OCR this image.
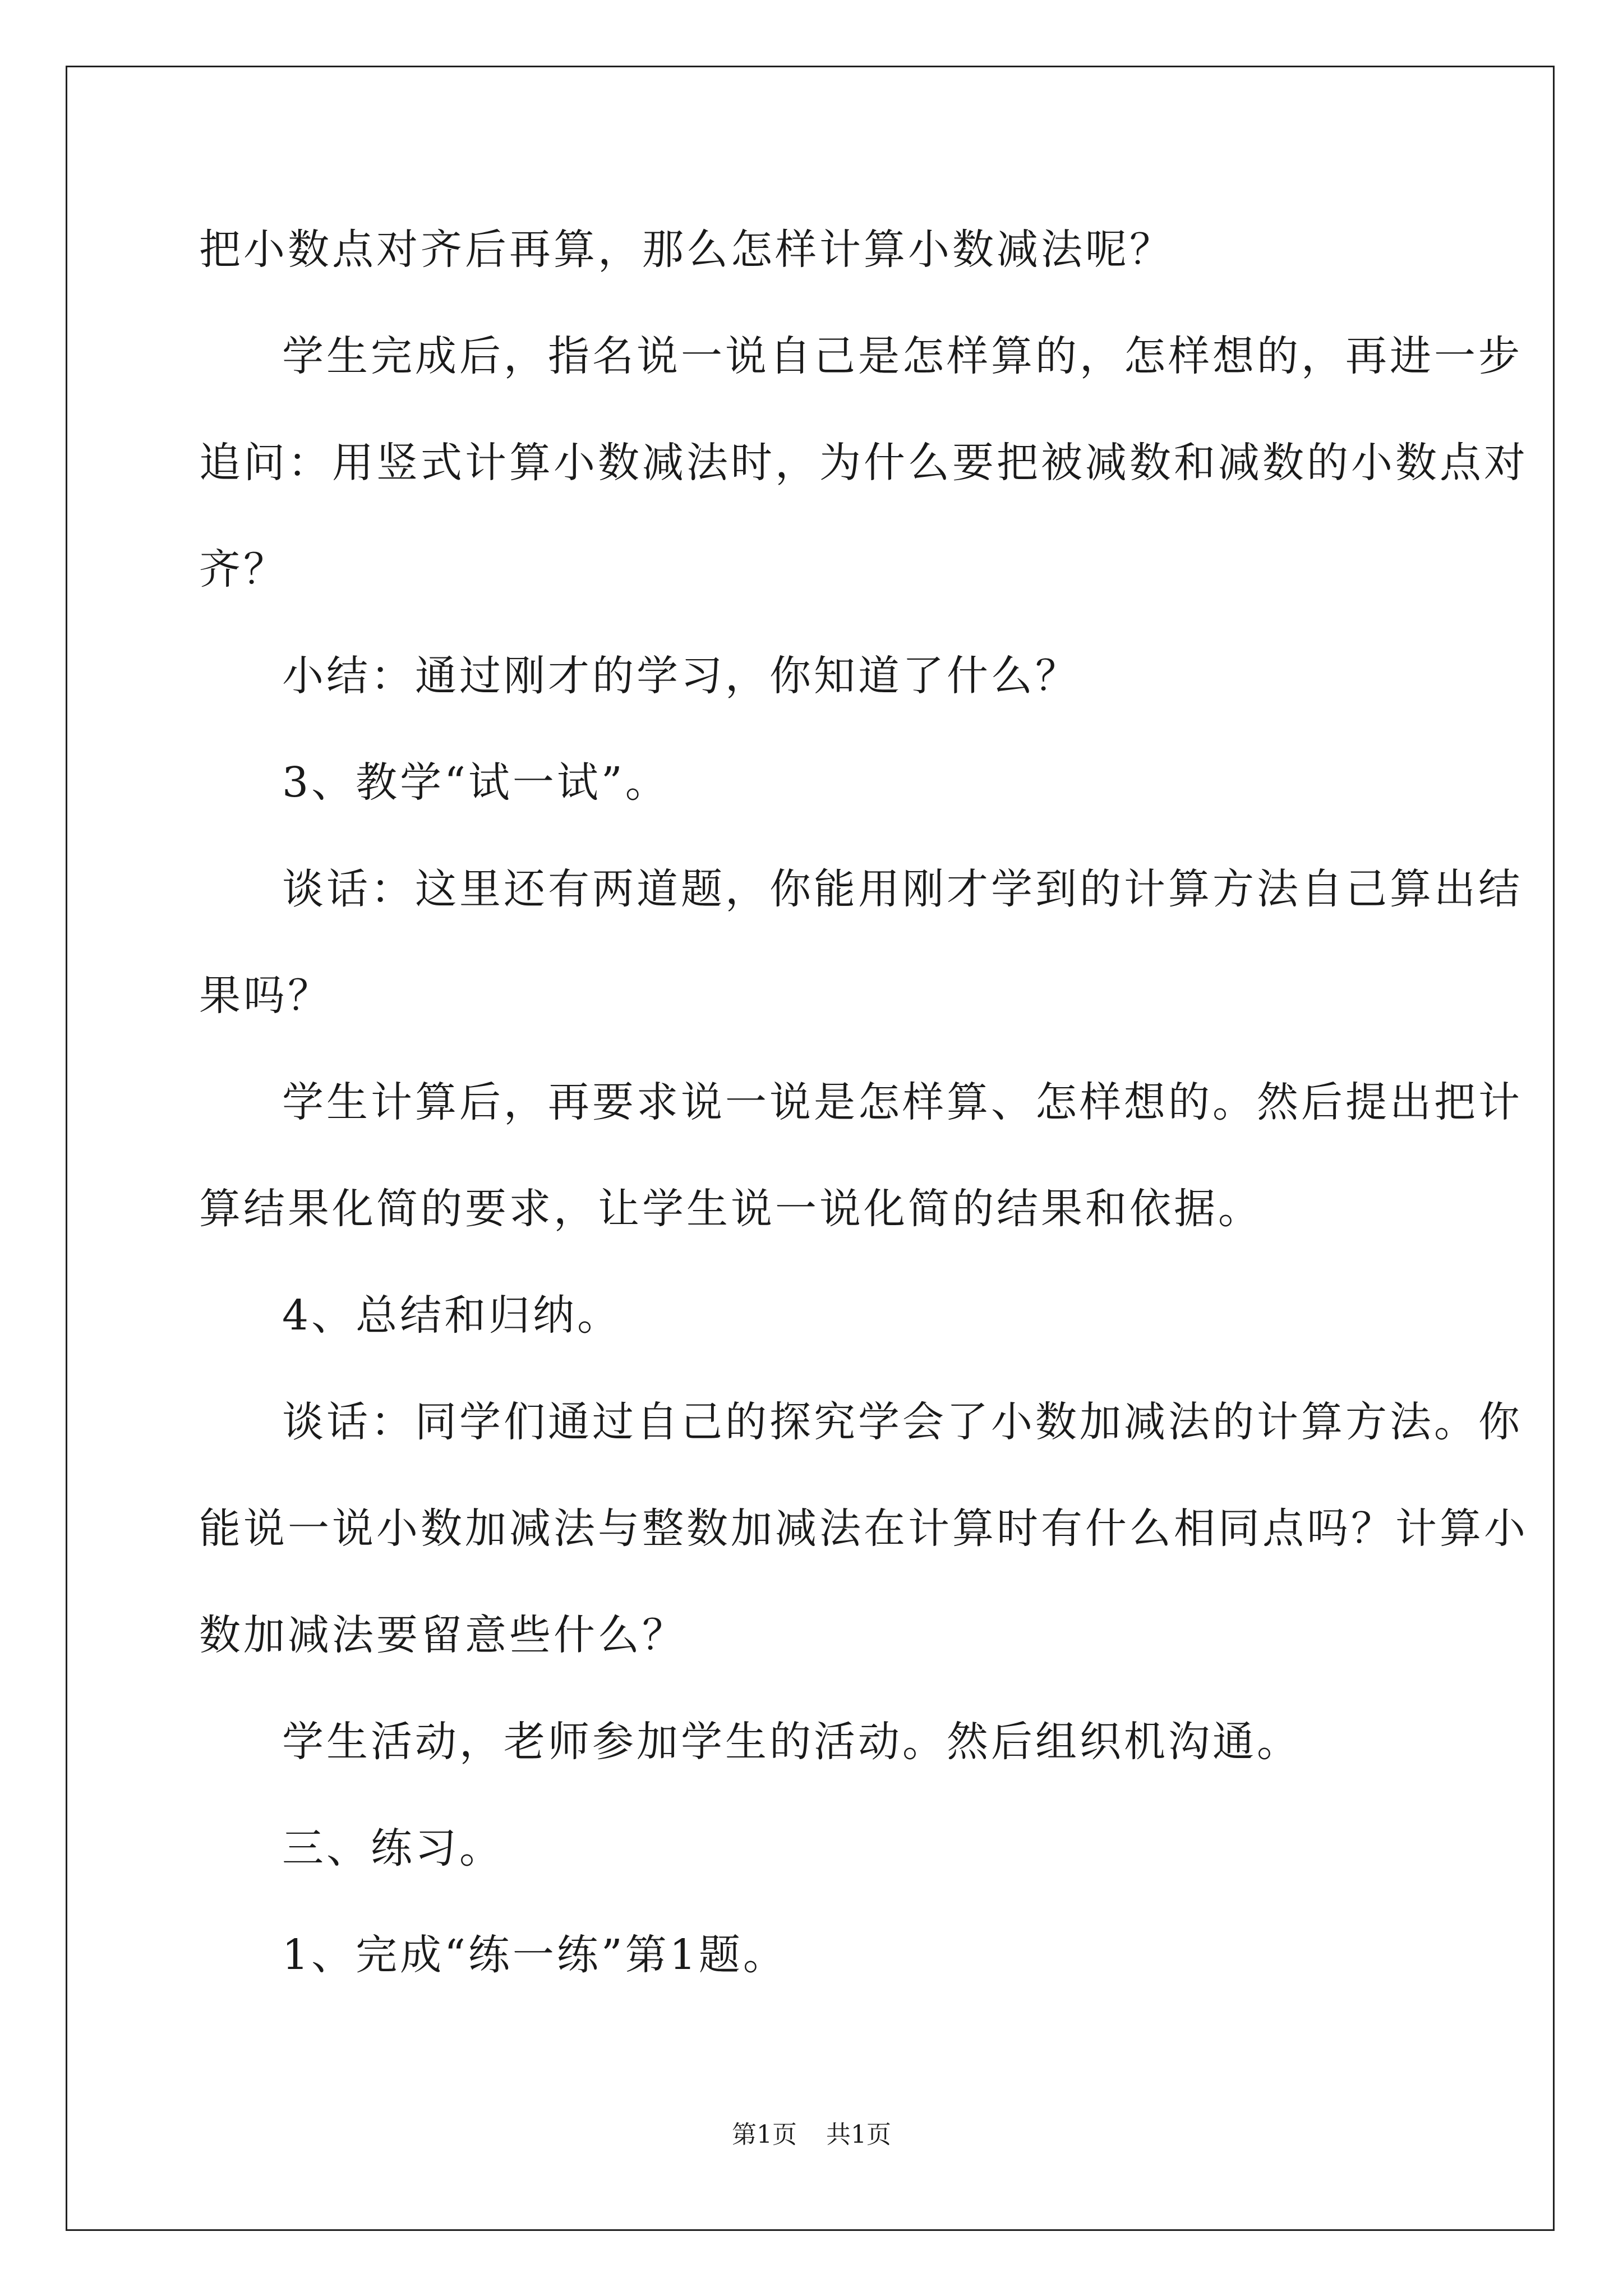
把小数点对齐后再算，那么怎样计算小数减法呢？
学生完成后，指名说一说自己是怎样算的，怎样想的，再进一步
追问：用竖式计算小数减法时，为什么要把被减数和减数的小数点对
齐？
小结：通过刚才的学习，你知道了什么？
3、教学“试一试”。
谈话：这里还有两道题，你能用刚才学到的计算方法自己算出结
果吗？
学生计算后，再要求说一说是怎样算、怎样想的。然后提出把计
算结果化简的要求，让学生说一说化简的结果和依据。
4、总结和归纳。
谈话：同学们通过自己的探究学会了小数加减法的计算方法。你
能说一说小数加减法与整数加减法在计算时有什么相同点吗？计算小
数加减法要留意些什么？
学生活动，老师参加学生的活动。然后组织机沟通。
三、练习。
1、完成“练一练”第1题。
第1页 共1页
